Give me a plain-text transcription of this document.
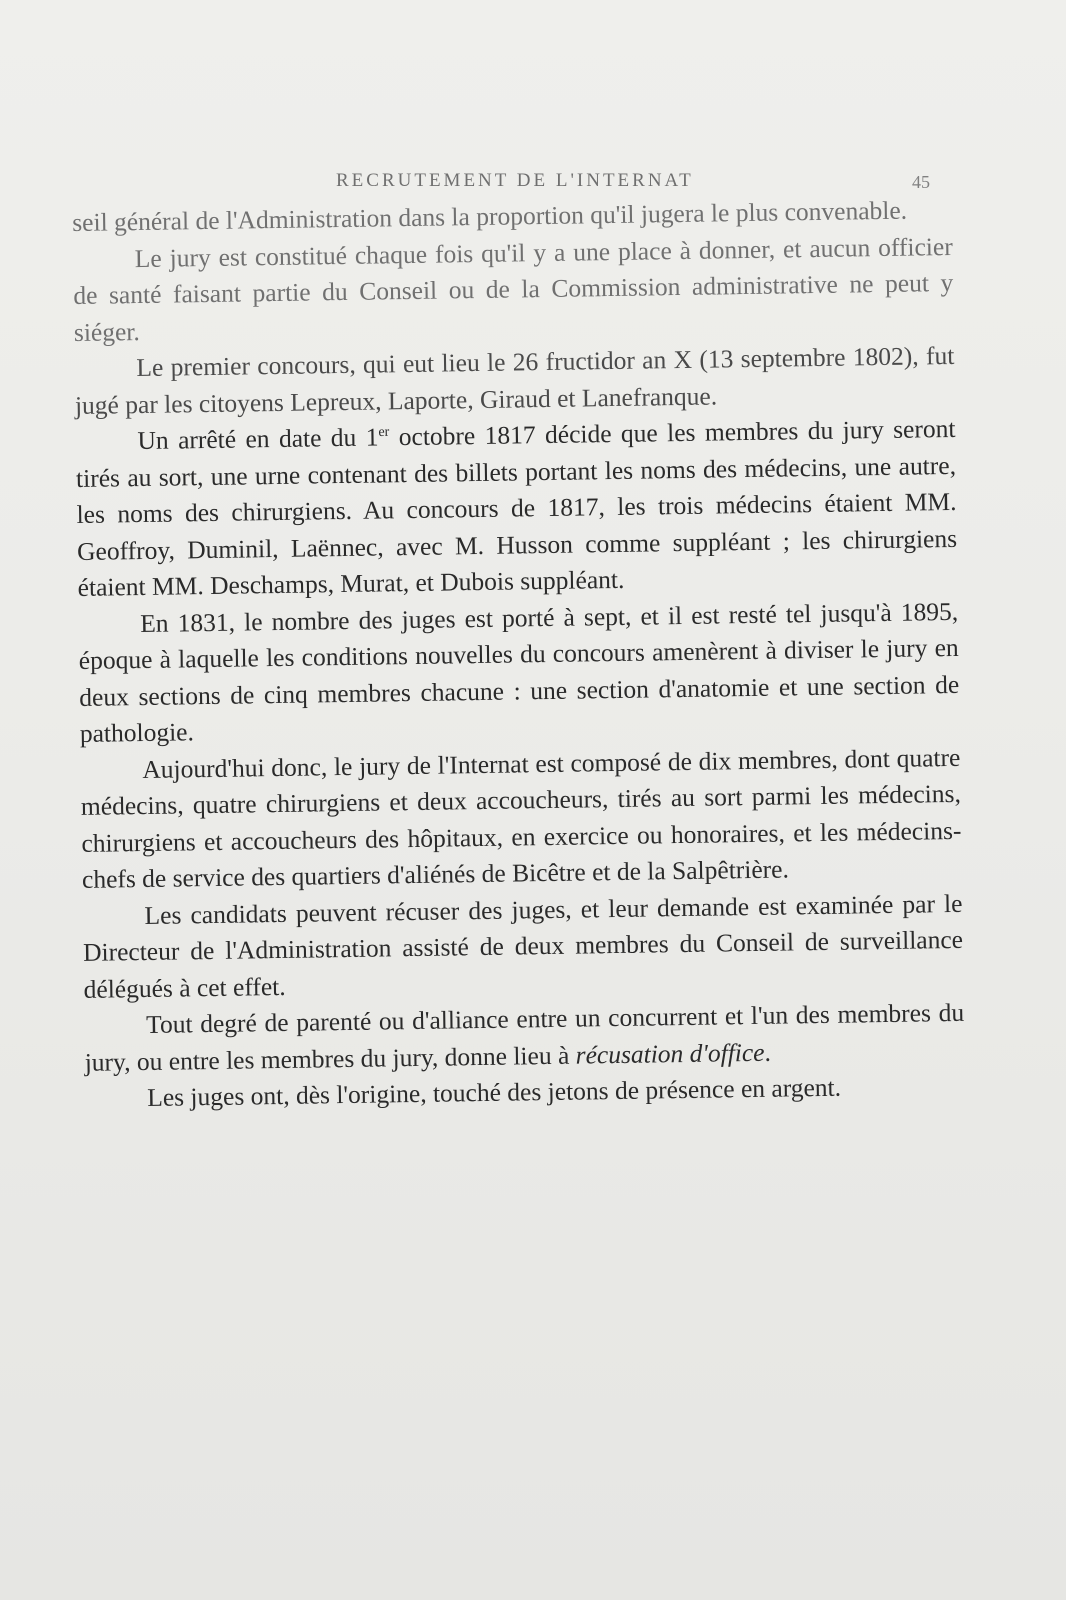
RECRUTEMENT DE L'INTERNAT	45

seil général de l'Administration dans la proportion qu'il jugera le plus convenable.

Le jury est constitué chaque fois qu'il y a une place à donner, et aucun officier de santé faisant partie du Conseil ou de la Commission administrative ne peut y siéger.

Le premier concours, qui eut lieu le 26 fructidor an X (13 septembre 1802), fut jugé par les citoyens Lepreux, Laporte, Giraud et Lanefranque.

Un arrêté en date du 1er octobre 1817 décide que les membres du jury seront tirés au sort, une urne contenant des billets portant les noms des médecins, une autre, les noms des chirurgiens. Au concours de 1817, les trois médecins étaient MM. Geoffroy, Duminil, Laënnec, avec M. Husson comme suppléant ; les chirurgiens étaient MM. Deschamps, Murat, et Dubois suppléant.

En 1831, le nombre des juges est porté à sept, et il est resté tel jusqu'à 1895, époque à laquelle les conditions nouvelles du concours amenèrent à diviser le jury en deux sections de cinq membres chacune : une section d'anatomie et une section de pathologie.

Aujourd'hui donc, le jury de l'Internat est composé de dix membres, dont quatre médecins, quatre chirurgiens et deux accoucheurs, tirés au sort parmi les médecins, chirurgiens et accoucheurs des hôpitaux, en exercice ou honoraires, et les médecins-chefs de service des quartiers d'aliénés de Bicêtre et de la Salpêtrière.

Les candidats peuvent récuser des juges, et leur demande est examinée par le Directeur de l'Administration assisté de deux membres du Conseil de surveillance délégués à cet effet.

Tout degré de parenté ou d'alliance entre un concurrent et l'un des membres du jury, ou entre les membres du jury, donne lieu à récusation d'office.

Les juges ont, dès l'origine, touché des jetons de présence en argent.
